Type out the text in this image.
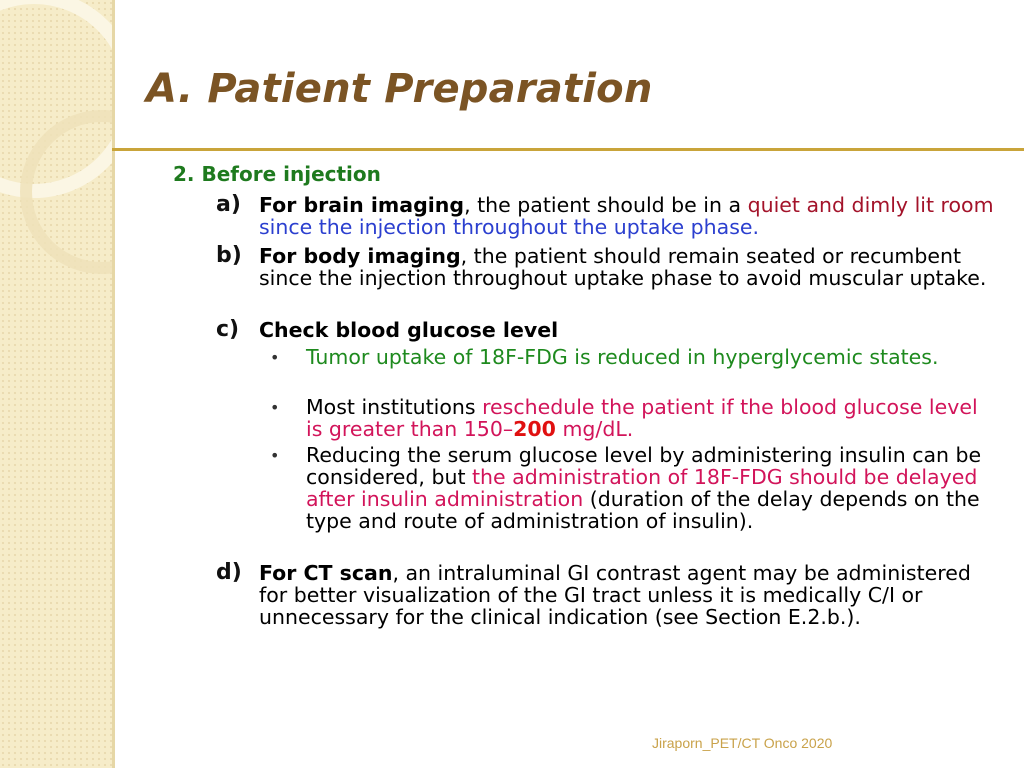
A. Patient Preparation
2. Before injection
a) For brain imaging, the patient should be in a quiet and dimly lit room since the injection throughout the uptake phase.
b) For body imaging, the patient should remain seated or recumbent since the injection throughout uptake phase to avoid muscular uptake.
c) Check blood glucose level
• Tumor uptake of 18F-FDG is reduced in hyperglycemic states.
• Most institutions reschedule the patient if the blood glucose level is greater than 150–200 mg/dL.
• Reducing the serum glucose level by administering insulin can be considered, but the administration of 18F-FDG should be delayed after insulin administration (duration of the delay depends on the type and route of administration of insulin).
d) For CT scan, an intraluminal GI contrast agent may be administered for better visualization of the GI tract unless it is medically C/I or unnecessary for the clinical indication (see Section E.2.b.).
Jiraporn_PET/CT Onco 2020
